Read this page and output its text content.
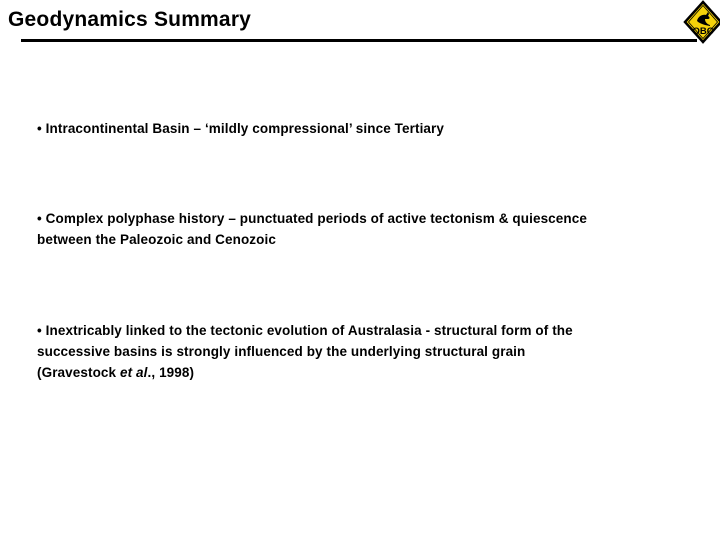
Geodynamics Summary
OBC
• Intracontinental Basin – ‘mildly compressional’ since Tertiary
• Complex polyphase history – punctuated periods of active tectonism & quiescence
between the Paleozoic and Cenozoic
• Inextricably linked to the tectonic evolution of Australasia - structural form of the
successive basins is strongly influenced by the underlying structural grain
(Gravestock et al., 1998)
